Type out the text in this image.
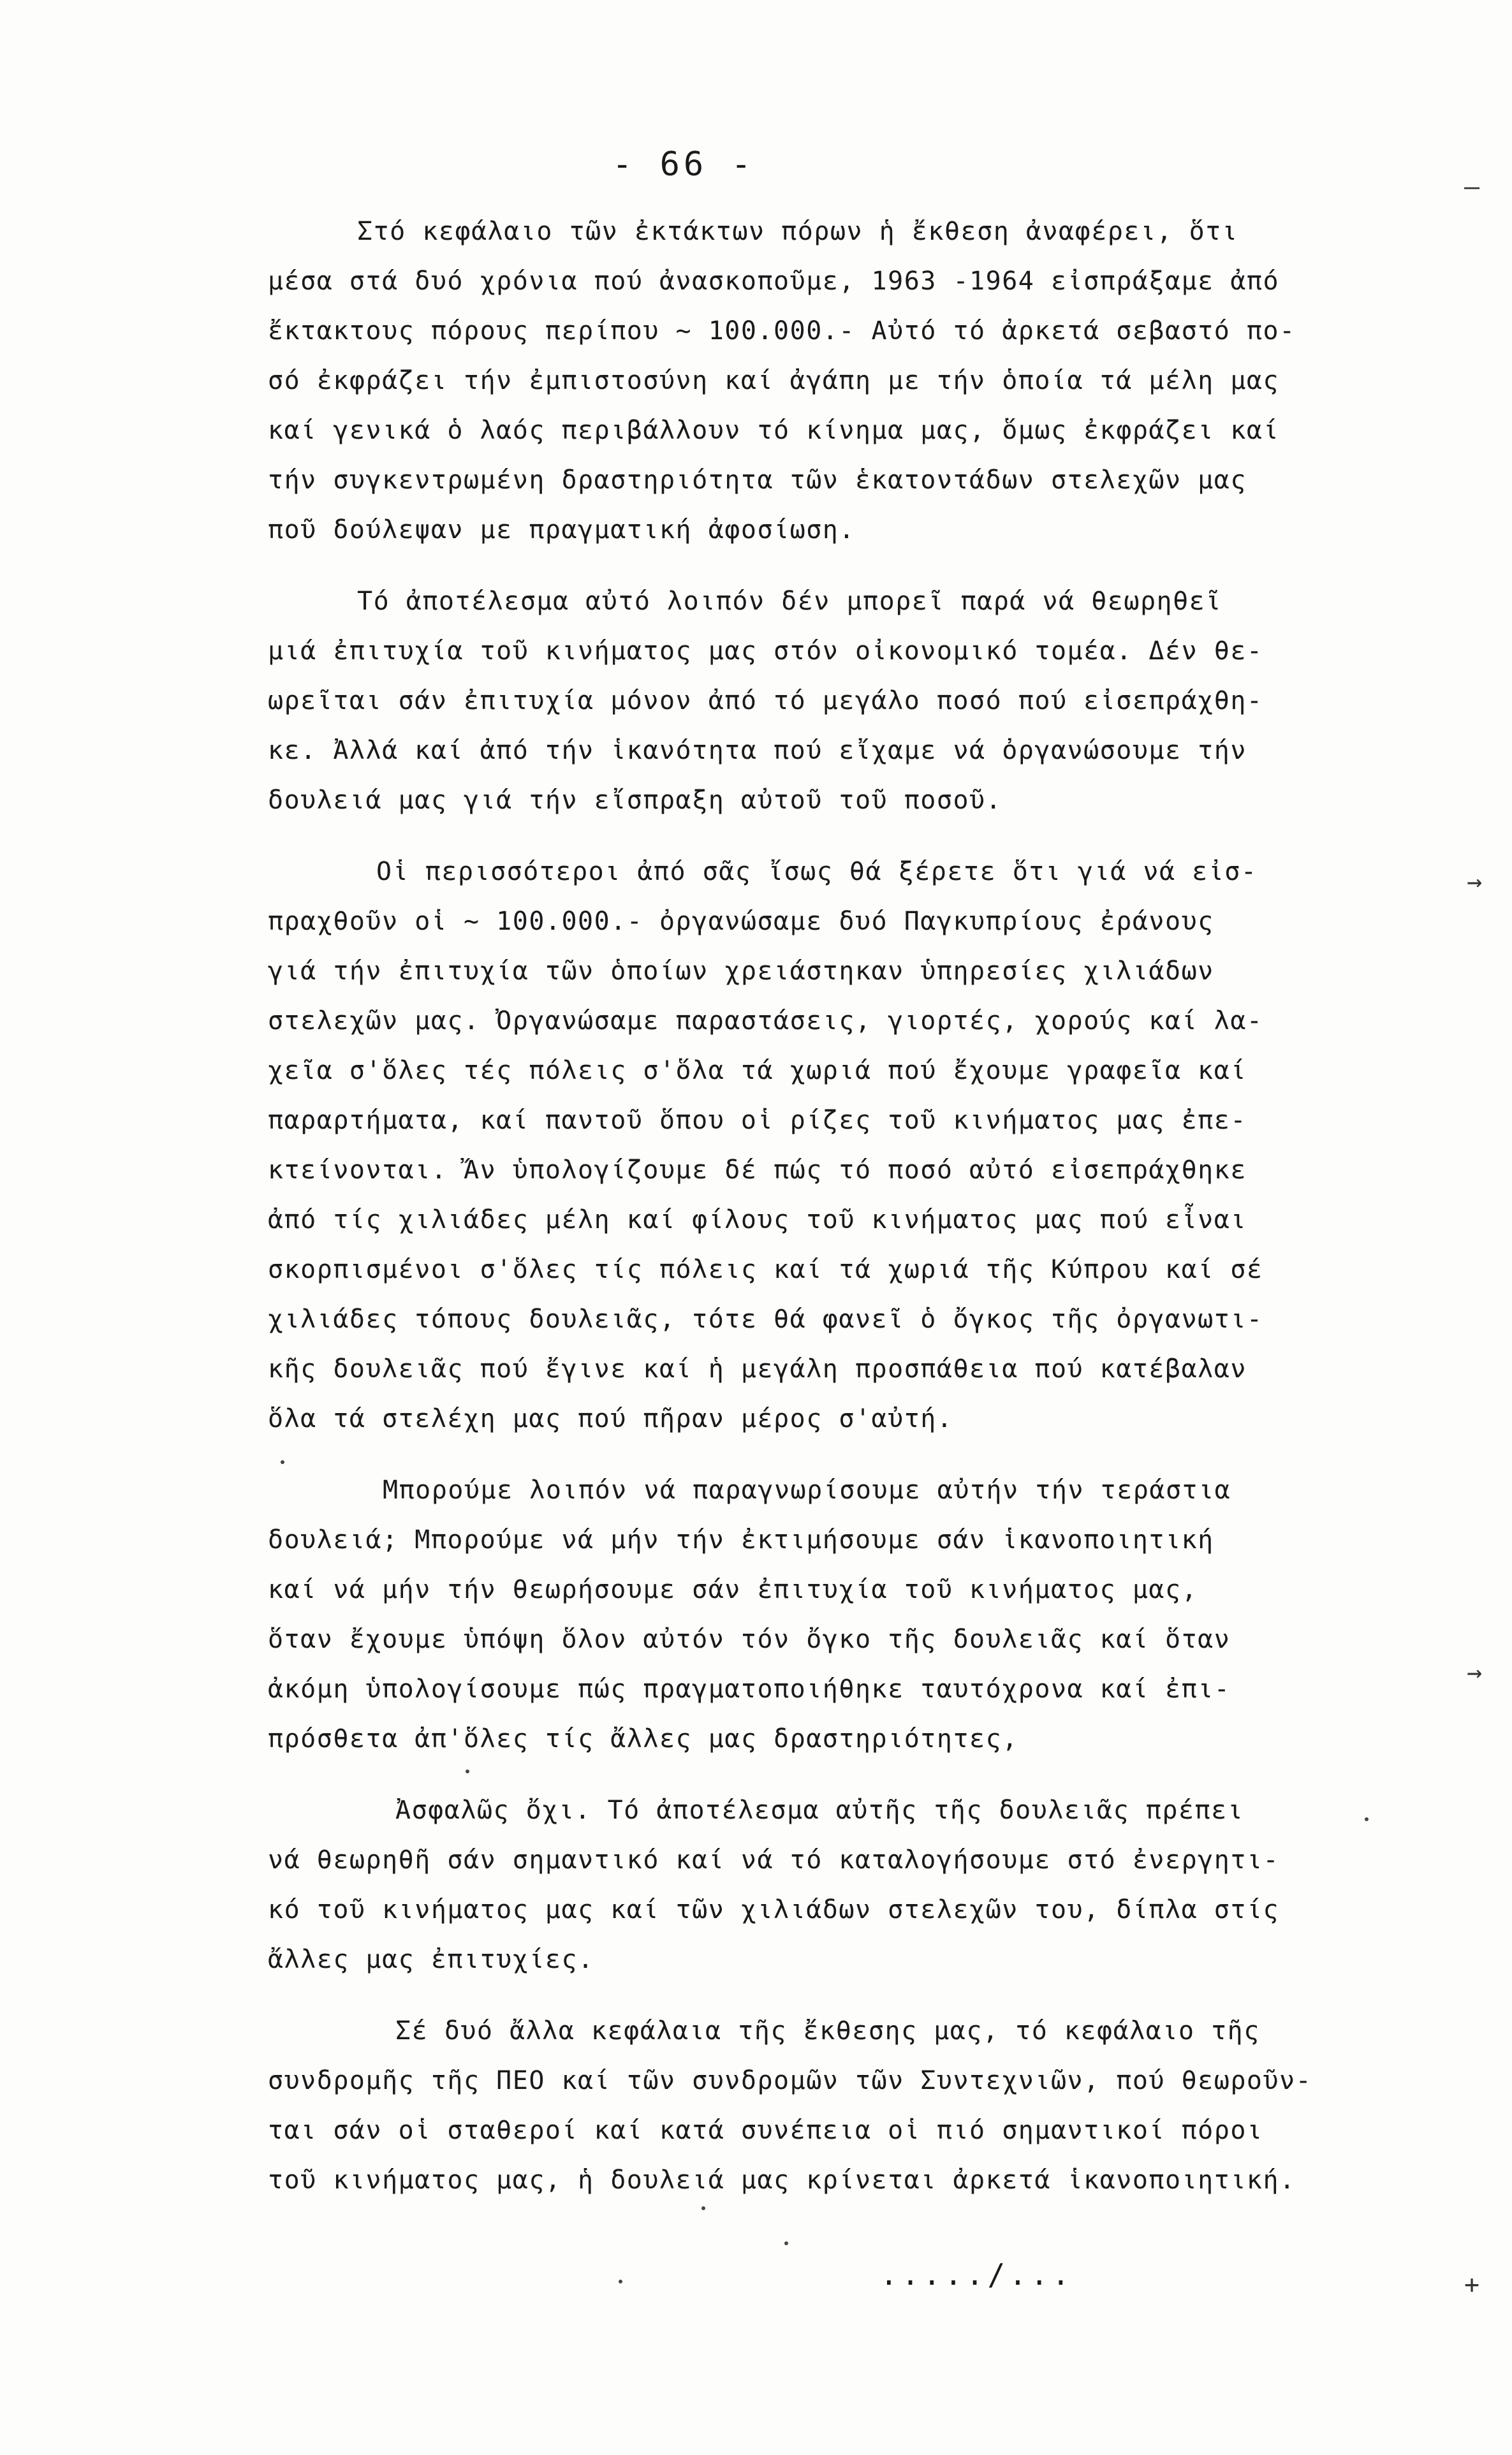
- 66 -
Στό κεφάλαιο τῶν ἐκτάκτων πόρων ἡ ἔκθεση ἀναφέρει, ὅτι
μέσα στά δυό χρόνια πού ἀνασκοποῦμε, 1963 -1964 εἰσπράξαμε ἀπό
ἔκτακτους πόρους περίπου ~ 100.000.- Αὐτό τό ἀρκετά σεβαστό πο-
σό ἐκφράζει τήν ἐμπιστοσύνη καί ἀγάπη με τήν ὁποία τά μέλη μας
καί γενικά ὁ λαός περιβάλλουν τό κίνημα μας, ὅμως ἐκφράζει καί
τήν συγκεντρωμένη δραστηριότητα τῶν ἑκατοντάδων στελεχῶν μας
ποῦ δούλεψαν με πραγματική ἀφοσίωση.
Τό ἀποτέλεσμα αὐτό λοιπόν δέν μπορεῖ παρά νά θεωρηθεῖ
μιά ἐπιτυχία τοῦ κινήματος μας στόν οἰκονομικό τομέα. Δέν θε-
ωρεῖται σάν ἐπιτυχία μόνον ἀπό τό μεγάλο ποσό πού εἰσεπράχθη-
κε. Ἀλλά καί ἀπό τήν ἱκανότητα πού εἴχαμε νά ὀργανώσουμε τήν
δουλειά μας γιά τήν εἴσπραξη αὐτοῦ τοῦ ποσοῦ.
Οἱ περισσότεροι ἀπό σᾶς ἴσως θά ξέρετε ὅτι γιά νά εἰσ-
πραχθοῦν οἱ ~ 100.000.- ὀργανώσαμε δυό Παγκυπρίους ἐράνους
γιά τήν ἐπιτυχία τῶν ὁποίων χρειάστηκαν ὑπηρεσίες χιλιάδων
στελεχῶν μας. Ὀργανώσαμε παραστάσεις, γιορτές, χορούς καί λα-
χεῖα σ'ὅλες τές πόλεις σ'ὅλα τά χωριά πού ἔχουμε γραφεῖα καί
παραρτήματα, καί παντοῦ ὅπου οἱ ρίζες τοῦ κινήματος μας ἐπε-
κτείνονται. Ἄν ὑπολογίζουμε δέ πώς τό ποσό αὐτό εἰσεπράχθηκε
ἀπό τίς χιλιάδες μέλη καί φίλους τοῦ κινήματος μας πού εἶναι
σκορπισμένοι σ'ὅλες τίς πόλεις καί τά χωριά τῆς Κύπρου καί σέ
χιλιάδες τόπους δουλειᾶς, τότε θά φανεῖ ὁ ὄγκος τῆς ὀργανωτι-
κῆς δουλειᾶς πού ἔγινε καί ἡ μεγάλη προσπάθεια πού κατέβαλαν
ὅλα τά στελέχη μας πού πῆραν μέρος σ'αὐτή.
Μπορούμε λοιπόν νά παραγνωρίσουμε αὐτήν τήν τεράστια
δουλειά; Μπορούμε νά μήν τήν ἐκτιμήσουμε σάν ἱκανοποιητική
καί νά μήν τήν θεωρήσουμε σάν ἐπιτυχία τοῦ κινήματος μας,
ὅταν ἔχουμε ὑπόψη ὅλον αὐτόν τόν ὄγκο τῆς δουλειᾶς καί ὅταν
ἀκόμη ὑπολογίσουμε πώς πραγματοποιήθηκε ταυτόχρονα καί ἐπι-
πρόσθετα ἀπ'ὅλες τίς ἄλλες μας δραστηριότητες,
Ἀσφαλῶς ὄχι. Τό ἀποτέλεσμα αὐτῆς τῆς δουλειᾶς πρέπει
νά θεωρηθῆ σάν σημαντικό καί νά τό καταλογήσουμε στό ἐνεργητι-
κό τοῦ κινήματος μας καί τῶν χιλιάδων στελεχῶν του, δίπλα στίς
ἄλλες μας ἐπιτυχίες.
Σέ δυό ἄλλα κεφάλαια τῆς ἔκθεσης μας, τό κεφάλαιο τῆς
συνδρομῆς τῆς ΠΕΟ καί τῶν συνδρομῶν τῶν Συντεχνιῶν, πού θεωροῦν-
ται σάν οἱ σταθεροί καί κατά συνέπεια οἱ πιό σημαντικοί πόροι
τοῦ κινήματος μας, ἡ δουλειά μας κρίνεται ἀρκετά ἱκανοποιητική.
...../...
—
→
→
+
